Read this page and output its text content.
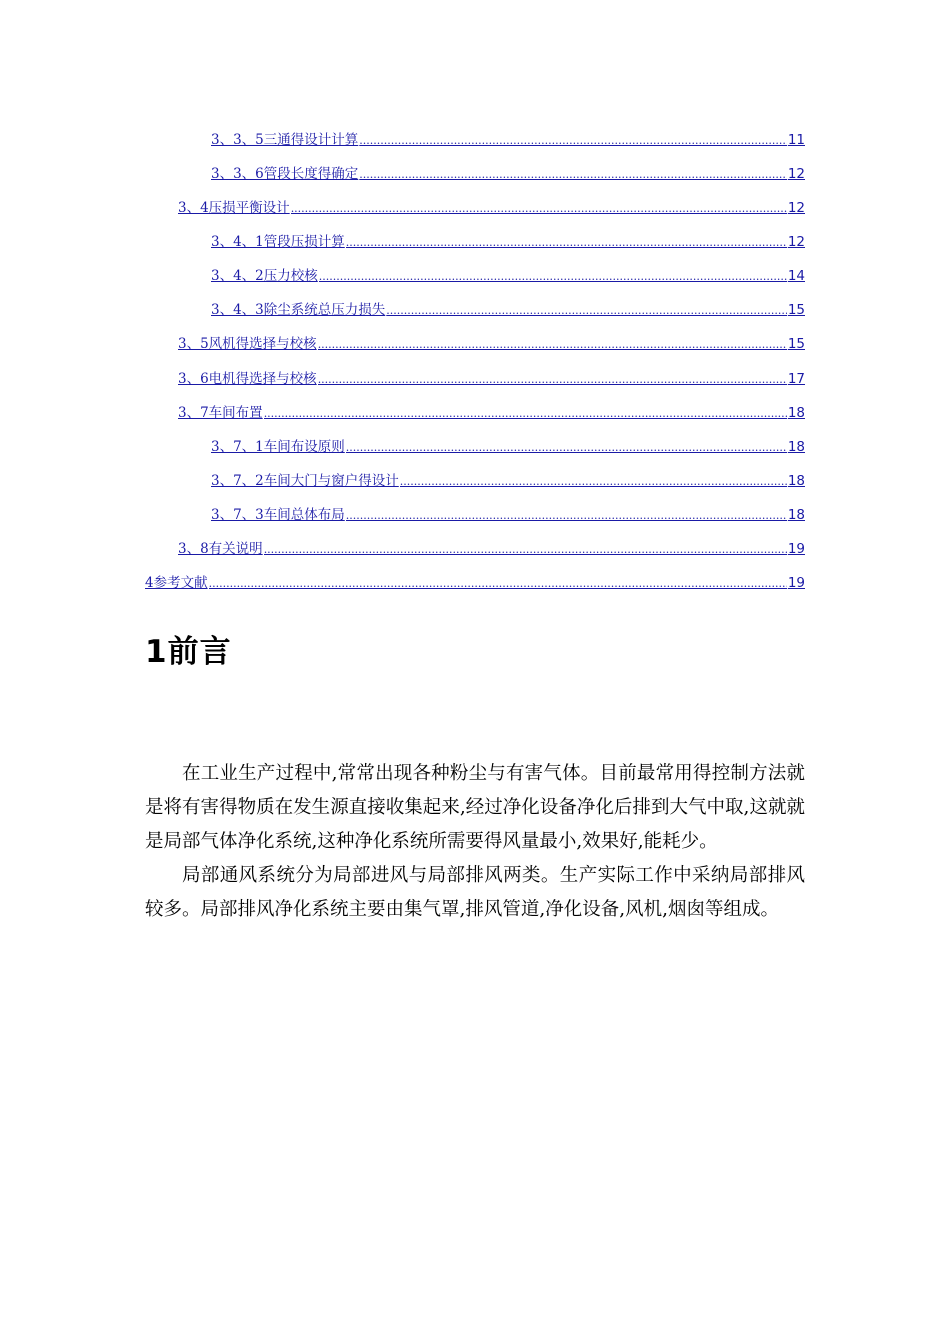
3、3、5三通得设计计算 .....	11
3、3、6管段长度得确定 .....	12
3、4压损平衡设计 .....	12
3、4、1管段压损计算 .....	12
3、4、2压力校核 .....	14
3、4、3除尘系统总压力损失 .....	15
3、5风机得选择与校核 .....	15
3、6电机得选择与校核 .....	17
3、7车间布置 .....	18
3、7、1车间布设原则 .....	18
3、7、2车间大门与窗户得设计 .....	18
3、7、3车间总体布局 .....	18
3、8有关说明 .....	19
4参考文献 .....	19
1前言

在工业生产过程中,常常出现各种粉尘与有害气体。目前最常用得控制方法就是将有害得物质在发生源直接收集起来,经过净化设备净化后排到大气中取,这就就是局部气体净化系统,这种净化系统所需要得风量最小,效果好,能耗少。

局部通风系统分为局部进风与局部排风两类。生产实际工作中采纳局部排风较多。局部排风净化系统主要由集气罩,排风管道,净化设备,风机,烟囱等组成。
